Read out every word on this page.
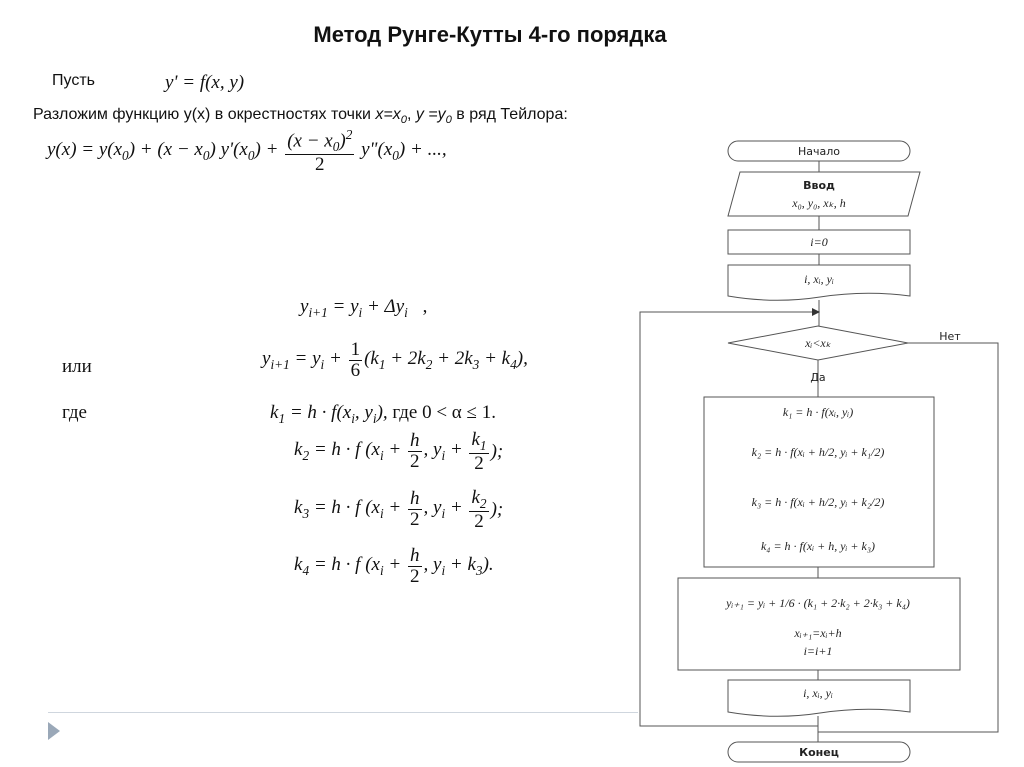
Метод Рунге-Кутты 4-го порядка
Пусть	y' = f(x, y)
Разложим функцию y(x) в окрестностях точки $x=x_0$, $y =y_0$ в ряд Тейлора:
$y(x) = y(x_0) + (x - x_0) y'(x_0) + \frac{(x - x_0)^2}{2}$ $y"(x_0)$ + ...,
$y_{i+1} = y_i + \Delta y_i$ ,
или	$y_{i+1} = y_i + \frac{1}{6} (k_1 + 2k_2 + 2k_3 + k_4)$,
где	$k_1 = h \cdot f(x_i$, $y_i$), где 0 < α ≤ 1.
$k_2 = h \cdot f$ ($x_i + \frac{h}{2}$ , $y_i + \frac{k_1}{2}$ );
$k_3 = h \cdot f$ ($x_i + \frac{h}{2}$ , $y_i + \frac{k_2}{2}$ );
$k_4 = h \cdot f$ ($x_i + \frac{h}{2}$ , $y_i + k_3$).
Начало
Ввод
x₀, y₀, xₖ, h
i=0
i, xᵢ, yᵢ
xᵢ<xₖ	Нет
Да
k₁ = h · f(xᵢ, yᵢ)
k₂ = h · f(xᵢ + h/2, yᵢ + k₁/2)
k₃ = h · f(xᵢ + h/2, yᵢ + k₂/2)
k₄ = h · f(xᵢ + h, yᵢ + k₃)
yᵢ₊₁ = yᵢ + 1/6 · (k₁ + 2·k₂ + 2·k₃ + k₄)
xᵢ₊₁=xᵢ+h
i=i+1
i, xᵢ, yᵢ
Конец
